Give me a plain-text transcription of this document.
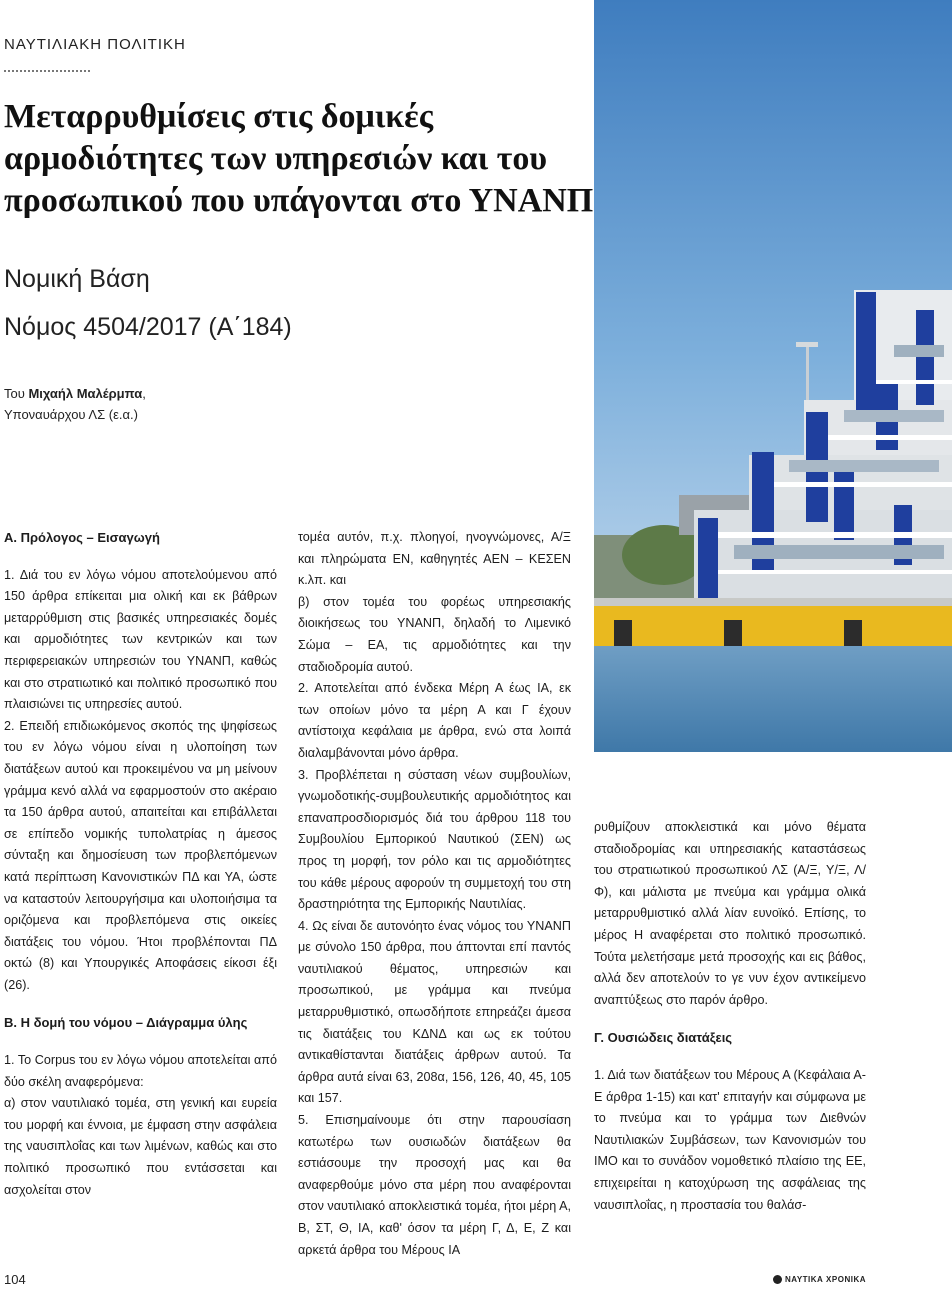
ΝΑΥΤΙΛΙΑΚΗ ΠΟΛΙΤΙΚΗ
Μεταρρυθμίσεις στις δομικές αρμοδιότητες των υπηρεσιών και του προσωπικού που υπάγονται στο ΥΝΑΝΠ
Νομική Βάση
Νόμος 4504/2017 (Α΄184)
Του Μιχαήλ Μαλέρμπα,
Υποναυάρχου ΛΣ (ε.α.)
Α. Πρόλογος – Εισαγωγή

1. Διά του εν λόγω νόμου αποτελούμενου από 150 άρθρα επίκειται μια ολική και εκ βάθρων μεταρρύθμιση στις βασικές υπηρεσιακές δομές και αρμοδιότητες των κεντρικών και των περιφερειακών υπηρεσιών του ΥΝΑΝΠ, καθώς και στο στρατιωτικό και πολιτικό προσωπικό που πλαισιώνει τις υπηρεσίες αυτού.

2. Επειδή επιδιωκόμενος σκοπός της ψηφίσεως του εν λόγω νόμου είναι η υλοποίηση των διατάξεων αυτού και προκειμένου να μη μείνουν γράμμα κενό αλλά να εφαρμοστούν στο ακέραιο τα 150 άρθρα αυτού, απαιτείται και επιβάλλεται σε επίπεδο νομικής τυπολατρίας η άμεσος σύνταξη και δημοσίευση των προβλεπόμενων κατά περίπτωση Κανονιστικών ΠΔ και ΥΑ, ώστε να καταστούν λειτουργήσιμα και υλοποιήσιμα τα οριζόμενα και προβλεπόμενα στις οικείες διατάξεις του νόμου. Ήτοι προβλέπονται ΠΔ οκτώ (8) και Υπουργικές Αποφάσεις είκοσι έξι (26).

Β. Η δομή του νόμου – Διάγραμμα ύλης

1. Το Corpus του εν λόγω νόμου αποτελείται από δύο σκέλη αναφερόμενα:

α) στον ναυτιλιακό τομέα, στη γενική και ευρεία του μορφή και έννοια, με έμφαση στην ασφάλεια της ναυσιπλοΐας και των λιμένων, καθώς και στο πολιτικό προσωπικό που εντάσσεται και ασχολείται στον

τομέα αυτόν, π.χ. πλοηγοί, ηνογνώμονες, Α/Ξ και πληρώματα ΕΝ, καθηγητές ΑΕΝ – ΚΕΣΕΝ κ.λπ. και

β) στον τομέα του φορέως υπηρεσιακής διοικήσεως του ΥΝΑΝΠ, δηλαδή το Λιμενικό Σώμα – ΕΑ, τις αρμοδιότητες και την σταδιοδρομία αυτού.

2. Αποτελείται από ένδεκα Μέρη Α έως ΙΑ, εκ των οποίων μόνο τα μέρη Α και Γ έχουν αντίστοιχα κεφάλαια με άρθρα, ενώ στα λοιπά διαλαμβάνονται μόνο άρθρα.

3. Προβλέπεται η σύσταση νέων συμβουλίων, γνωμοδοτικής-συμβουλευτικής αρμοδιότητος και επαναπροσδιορισμός διά του άρθρου 118 του Συμβουλίου Εμπορικού Ναυτικού (ΣΕΝ) ως προς τη μορφή, τον ρόλο και τις αρμοδιότητες του κάθε μέρους αφορούν τη συμμετοχή του στη δραστηριότητα της Εμπορικής Ναυτιλίας.

4. Ως είναι δε αυτονόητο ένας νόμος του ΥΝΑΝΠ με σύνολο 150 άρθρα, που άπτονται επί παντός ναυτιλιακού θέματος, υπηρεσιών και προσωπικού, με γράμμα και πνεύμα μεταρρυθμιστικό, οπωσδήποτε επηρεάζει άμεσα τις διατάξεις του ΚΔΝΔ και ως εκ τούτου αντικαθίστανται διατάξεις άρθρων αυτού. Τα άρθρα αυτά είναι 63, 208α, 156, 126, 40, 45, 105 και 157.

5. Επισημαίνουμε ότι στην παρουσίαση κατωτέρω των ουσιωδών διατάξεων θα εστιάσουμε την προσοχή μας και θα αναφερθούμε μόνο στα μέρη που αναφέρονται στον ναυτιλιακό αποκλειστικά τομέα, ήτοι μέρη Α, Β, ΣΤ, Θ, ΙΑ, καθ' όσον τα μέρη Γ, Δ, Ε, Ζ και αρκετά άρθρα του Μέρους ΙΑ

ρυθμίζουν αποκλειστικά και μόνο θέματα σταδιοδρομίας και υπηρεσιακής καταστάσεως του στρατιωτικού προσωπικού ΛΣ (Α/Ξ, Υ/Ξ, Λ/Φ), και μάλιστα με πνεύμα και γράμμα ολικά μεταρρυθμιστικό αλλά λίαν ευνοϊκό. Επίσης, το μέρος Η αναφέρεται στο πολιτικό προσωπικό. Τούτα μελετήσαμε μετά προσοχής και εις βάθος, αλλά δεν αποτελούν το γε νυν έχον αντικείμενο αναπτύξεως στο παρόν άρθρο.

Γ. Ουσιώδεις διατάξεις

1. Διά των διατάξεων του Μέρους Α (Κεφάλαια Α-Ε άρθρα 1-15) και κατ' επιταγήν και σύμφωνα με το πνεύμα και το γράμμα των Διεθνών Ναυτιλιακών Συμβάσεων, των Κανονισμών του ΙΜΟ και το συνάδον νομοθετικό πλαίσιο της ΕΕ, επιχειρείται η κατοχύρωση της ασφάλειας της ναυσιπλοΐας, η προστασία του θαλάσ-

104	ΝΑΥΤΙΚΑ ΧΡΟΝΙΚΑ
